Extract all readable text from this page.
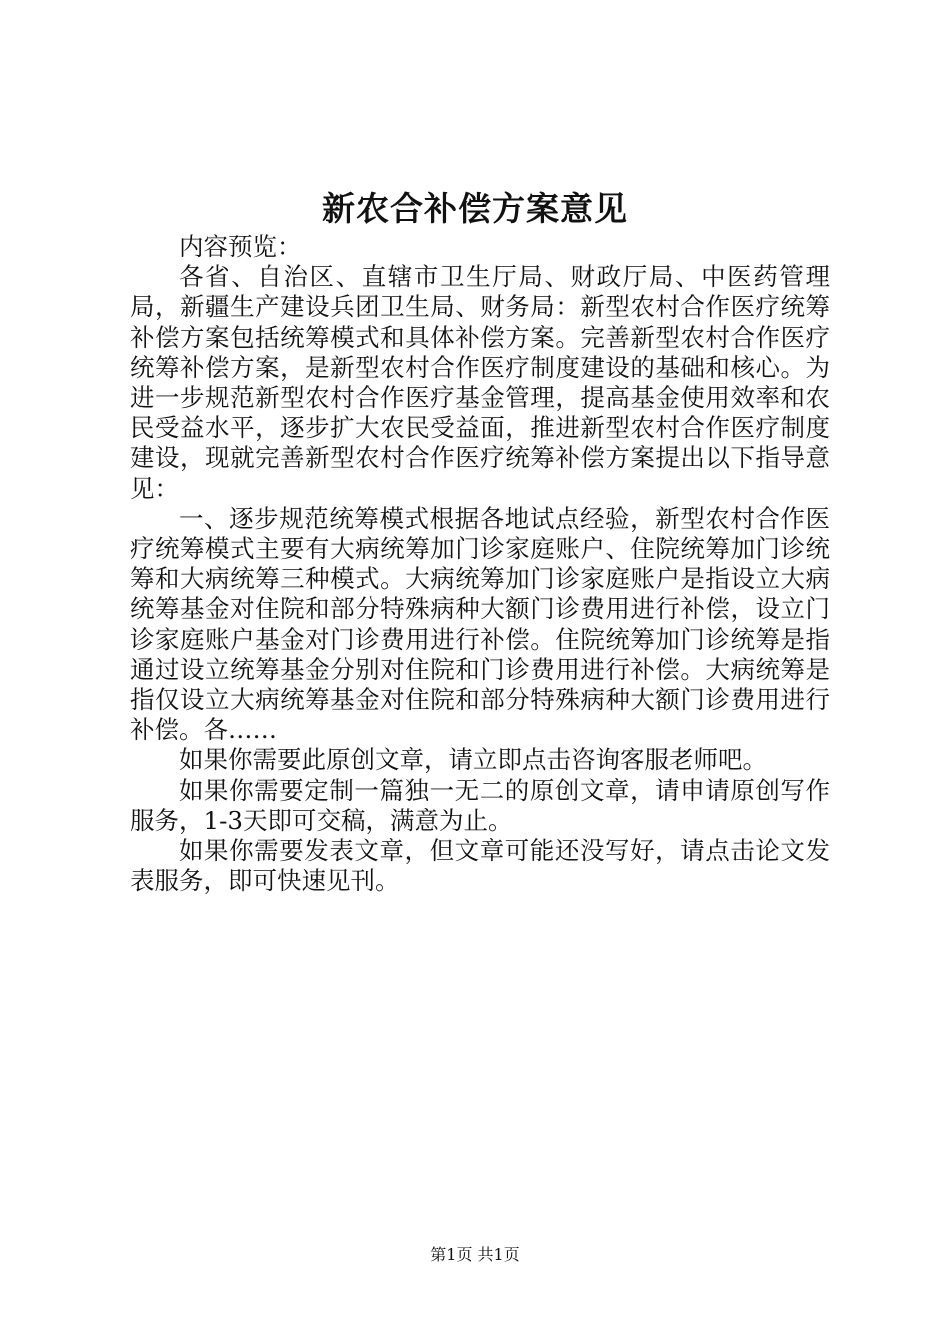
新农合补偿方案意见

内容预览：

各省、自治区、直辖市卫生厅局、财政厅局、中医药管理局，新疆生产建设兵团卫生局、财务局：新型农村合作医疗统筹补偿方案包括统筹模式和具体补偿方案。完善新型农村合作医疗统筹补偿方案，是新型农村合作医疗制度建设的基础和核心。为进一步规范新型农村合作医疗基金管理，提高基金使用效率和农民受益水平，逐步扩大农民受益面，推进新型农村合作医疗制度建设，现就完善新型农村合作医疗统筹补偿方案提出以下指导意见：

一、逐步规范统筹模式根据各地试点经验，新型农村合作医疗统筹模式主要有大病统筹加门诊家庭账户、住院统筹加门诊统筹和大病统筹三种模式。大病统筹加门诊家庭账户是指设立大病统筹基金对住院和部分特殊病种大额门诊费用进行补偿，设立门诊家庭账户基金对门诊费用进行补偿。住院统筹加门诊统筹是指通过设立统筹基金分别对住院和门诊费用进行补偿。大病统筹是指仅设立大病统筹基金对住院和部分特殊病种大额门诊费用进行补偿。各……

如果你需要此原创文章，请立即点击咨询客服老师吧。

如果你需要定制一篇独一无二的原创文章，请申请原创写作服务，1-3天即可交稿，满意为止。

如果你需要发表文章，但文章可能还没写好，请点击论文发表服务，即可快速见刊。

第1页 共1页
